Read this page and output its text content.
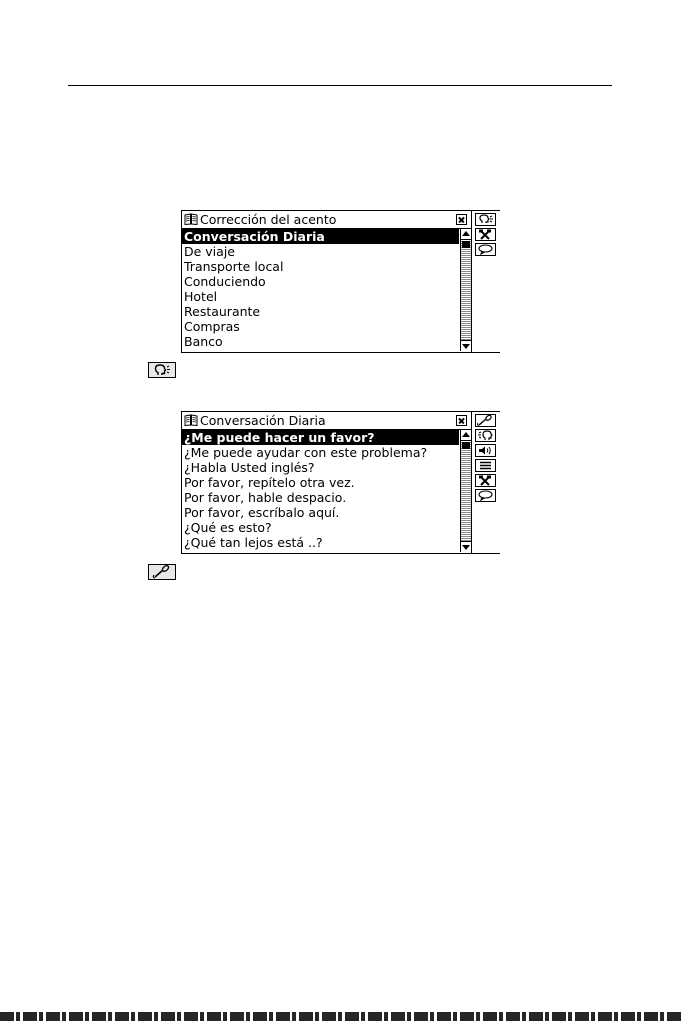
Corrección del acento
Conversación Diaria
De viaje
Transporte local
Conduciendo
Hotel
Restaurante
Compras
Banco
Conversación Diaria
¿Me puede hacer un favor?
¿Me puede ayudar con este problema?
¿Habla Usted inglés?
Por favor, repítelo otra vez.
Por favor, hable despacio.
Por favor, escríbalo aquí.
¿Qué es esto?
¿Qué tan lejos está ..?
